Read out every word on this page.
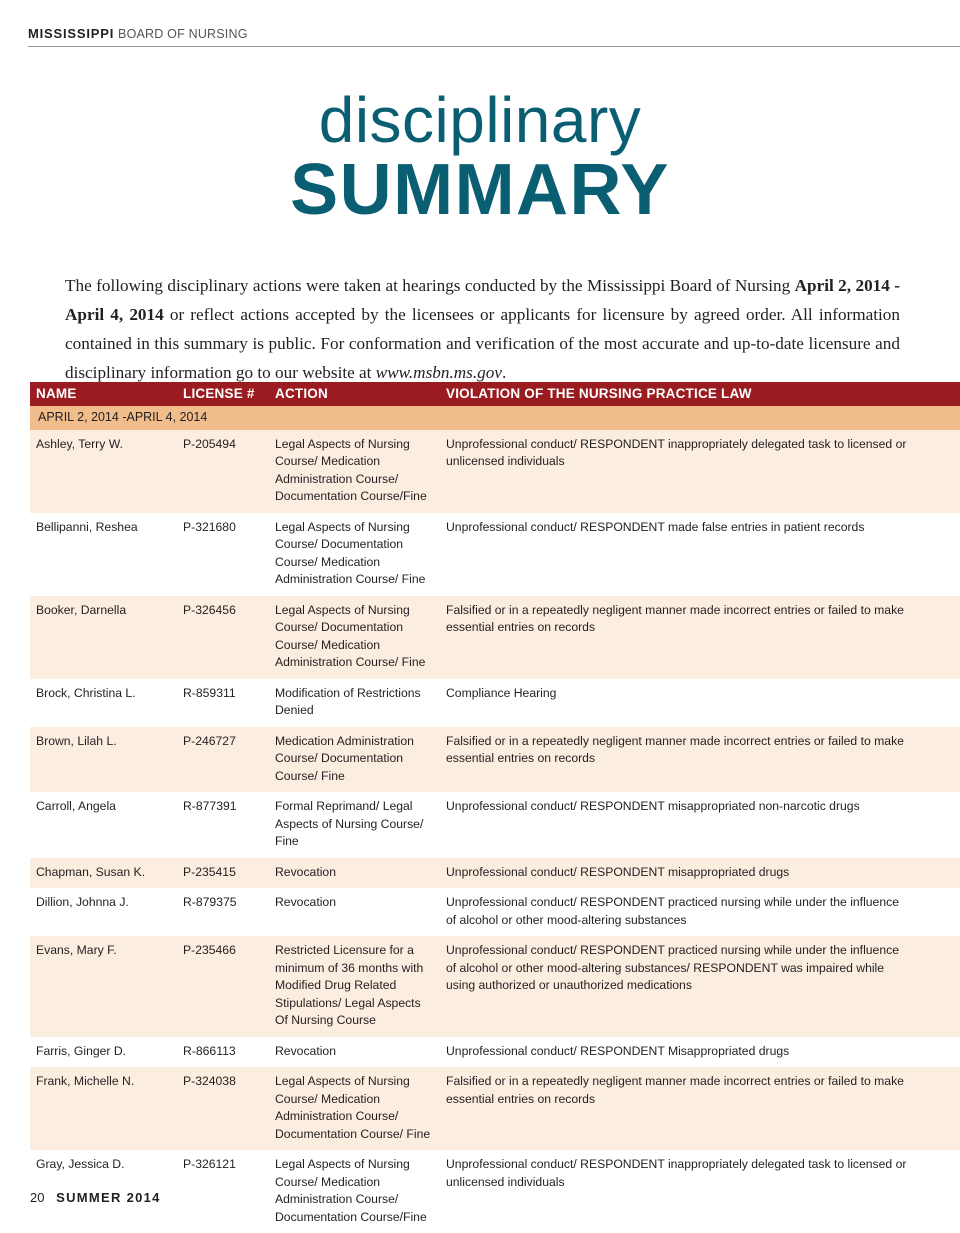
MISSISSIPPI BOARD OF NURSING
disciplinary
SUMMARY

The following disciplinary actions were taken at hearings conducted by the Mississippi Board of Nursing April 2, 2014 - April 4, 2014 or reflect actions accepted by the licensees or applicants for licensure by agreed order. All information contained in this summary is public. For conformation and verification of the most accurate and up-to-date licensure and disciplinary information go to our website at www.msbn.ms.gov.

NAME	LICENSE #	ACTION	VIOLATION OF THE NURSING PRACTICE LAW
APRIL 2, 2014 -APRIL 4, 2014			
Ashley, Terry W.	P-205494	Legal Aspects of Nursing Course/ Medication Administration Course/ Documentation Course/Fine	Unprofessional conduct/ RESPONDENT inappropriately delegated task to licensed or unlicensed individuals
Bellipanni, Reshea	P-321680	Legal Aspects of Nursing Course/ Documentation Course/ Medication Administration Course/ Fine	Unprofessional conduct/ RESPONDENT made false entries in patient records
Booker, Darnella	P-326456	Legal Aspects of Nursing Course/ Documentation Course/ Medication Administration Course/ Fine	Falsified or in a repeatedly negligent manner made incorrect entries or failed to make essential entries on records
Brock, Christina L.	R-859311	Modification of Restrictions Denied	Compliance Hearing
Brown, Lilah L.	P-246727	Medication Administration Course/ Documentation Course/ Fine	Falsified or in a repeatedly negligent manner made incorrect entries or failed to make essential entries on records
Carroll, Angela	R-877391	Formal Reprimand/ Legal Aspects of Nursing Course/ Fine	Unprofessional conduct/ RESPONDENT misappropriated non-narcotic drugs
Chapman, Susan K.	P-235415	Revocation	Unprofessional conduct/ RESPONDENT misappropriated drugs
Dillion, Johnna J.	R-879375	Revocation	Unprofessional conduct/ RESPONDENT practiced nursing while under the influence of alcohol or other mood-altering substances
Evans, Mary F.	P-235466	Restricted Licensure for a minimum of 36 months with Modified Drug Related Stipulations/ Legal Aspects Of Nursing Course	Unprofessional conduct/ RESPONDENT practiced nursing while under the influence of alcohol or other mood-altering substances/ RESPONDENT was impaired while using authorized or unauthorized medications
Farris, Ginger D.	R-866113	Revocation	Unprofessional conduct/ RESPONDENT Misappropriated drugs
Frank, Michelle N.	P-324038	Legal Aspects of Nursing Course/ Medication Administration Course/ Documentation Course/ Fine	Falsified or in a repeatedly negligent manner made incorrect entries or failed to make essential entries on records
Gray, Jessica D.	P-326121	Legal Aspects of Nursing Course/ Medication Administration Course/ Documentation Course/Fine	Unprofessional conduct/ RESPONDENT inappropriately delegated task to licensed or unlicensed individuals
20 SUMMER 2014
